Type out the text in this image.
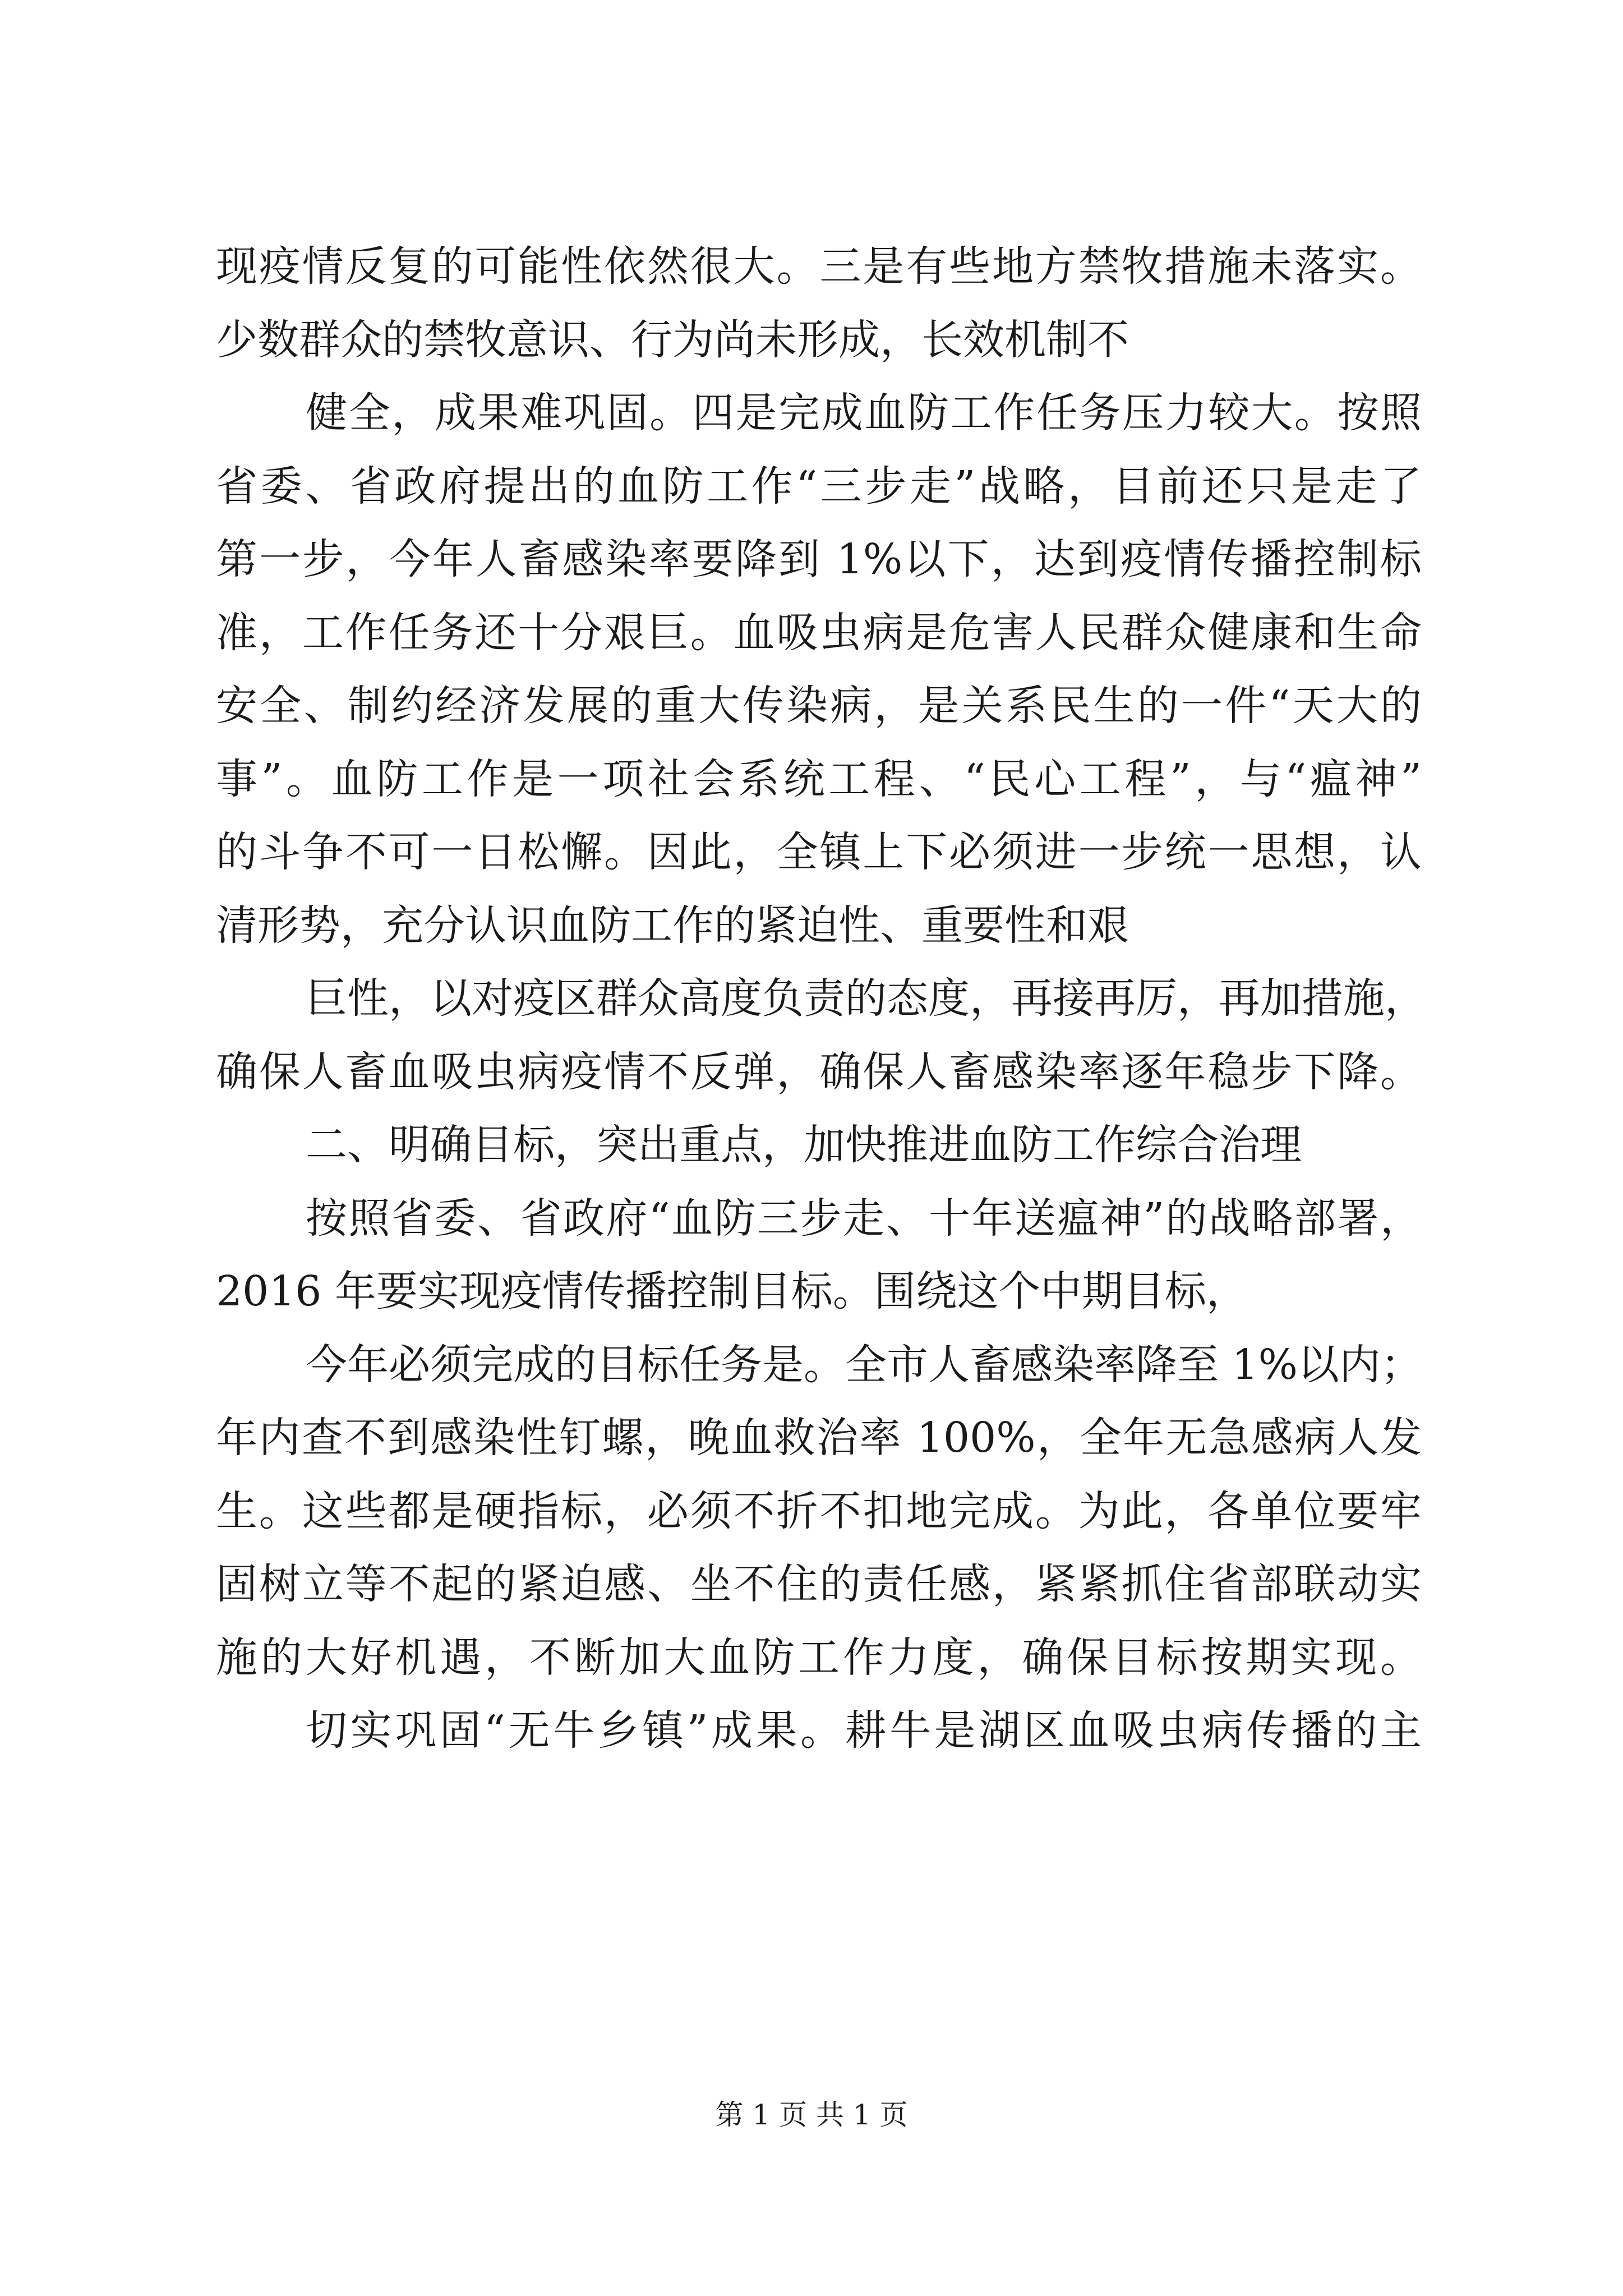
现疫情反复的可能性依然很大。三是有些地方禁牧措施未落实。
少数群众的禁牧意识、行为尚未形成，长效机制不
健全，成果难巩固。四是完成血防工作任务压力较大。按照
省委、省政府提出的血防工作“三步走”战略，目前还只是走了
第一步，今年人畜感染率要降到 1%以下，达到疫情传播控制标
准，工作任务还十分艰巨。血吸虫病是危害人民群众健康和生命
安全、制约经济发展的重大传染病，是关系民生的一件“天大的
事”。血防工作是一项社会系统工程、“民心工程”，与“瘟神”
的斗争不可一日松懈。因此，全镇上下必须进一步统一思想，认
清形势，充分认识血防工作的紧迫性、重要性和艰
巨性，以对疫区群众高度负责的态度，再接再厉，再加措施，
确保人畜血吸虫病疫情不反弹，确保人畜感染率逐年稳步下降。
二、明确目标，突出重点，加快推进血防工作综合治理
按照省委、省政府“血防三步走、十年送瘟神”的战略部署，
2016 年要实现疫情传播控制目标。围绕这个中期目标，
今年必须完成的目标任务是。全市人畜感染率降至 1%以内；
年内查不到感染性钉螺，晚血救治率 100%，全年无急感病人发
生。这些都是硬指标，必须不折不扣地完成。为此，各单位要牢
固树立等不起的紧迫感、坐不住的责任感，紧紧抓住省部联动实
施的大好机遇，不断加大血防工作力度，确保目标按期实现。
切实巩固“无牛乡镇”成果。耕牛是湖区血吸虫病传播的主
第 1 页 共 1 页
